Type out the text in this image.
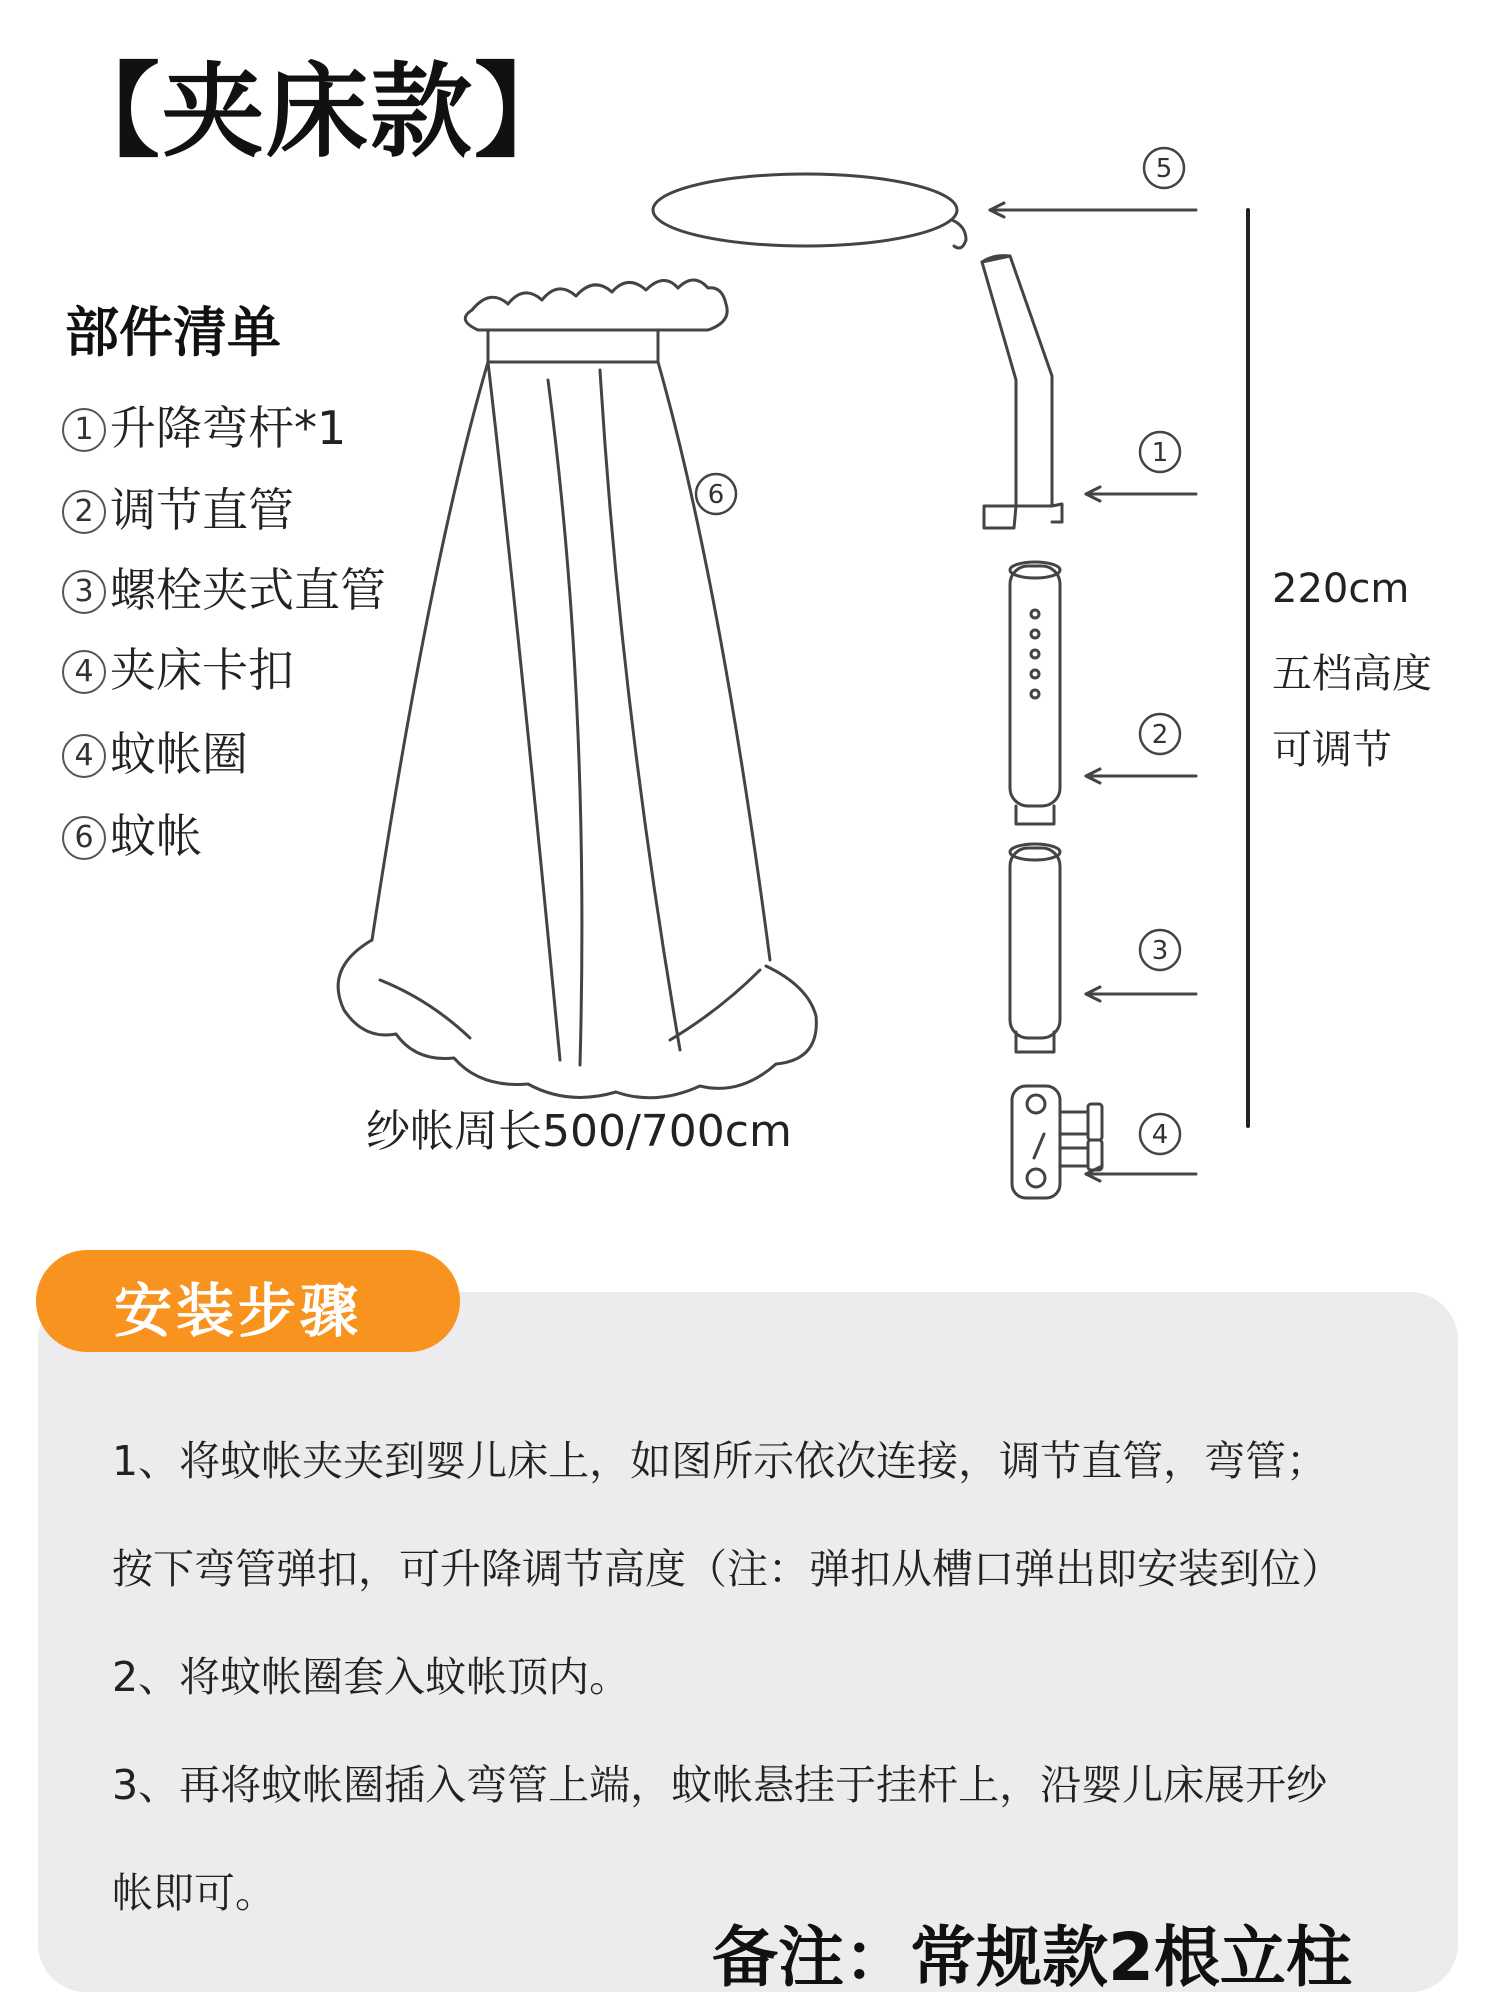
【夹床款】
部件清单
1 升降弯杆*1
2 调节直管
3 螺栓夹式直管
4 夹床卡扣
4 蚊帐圈
6 蚊帐
6
5
1
2
3
4
纱帐周长500/700cm
220cm
五档高度
可调节
安装步骤
1、将蚊帐夹夹到婴儿床上，如图所示依次连接，调节直管，弯管；
按下弯管弹扣，可升降调节高度（注：弹扣从槽口弹出即安装到位）
2、将蚊帐圈套入蚊帐顶内。
3、再将蚊帐圈插入弯管上端，蚊帐悬挂于挂杆上，沿婴儿床展开纱
帐即可。
备注：常规款2根立柱
